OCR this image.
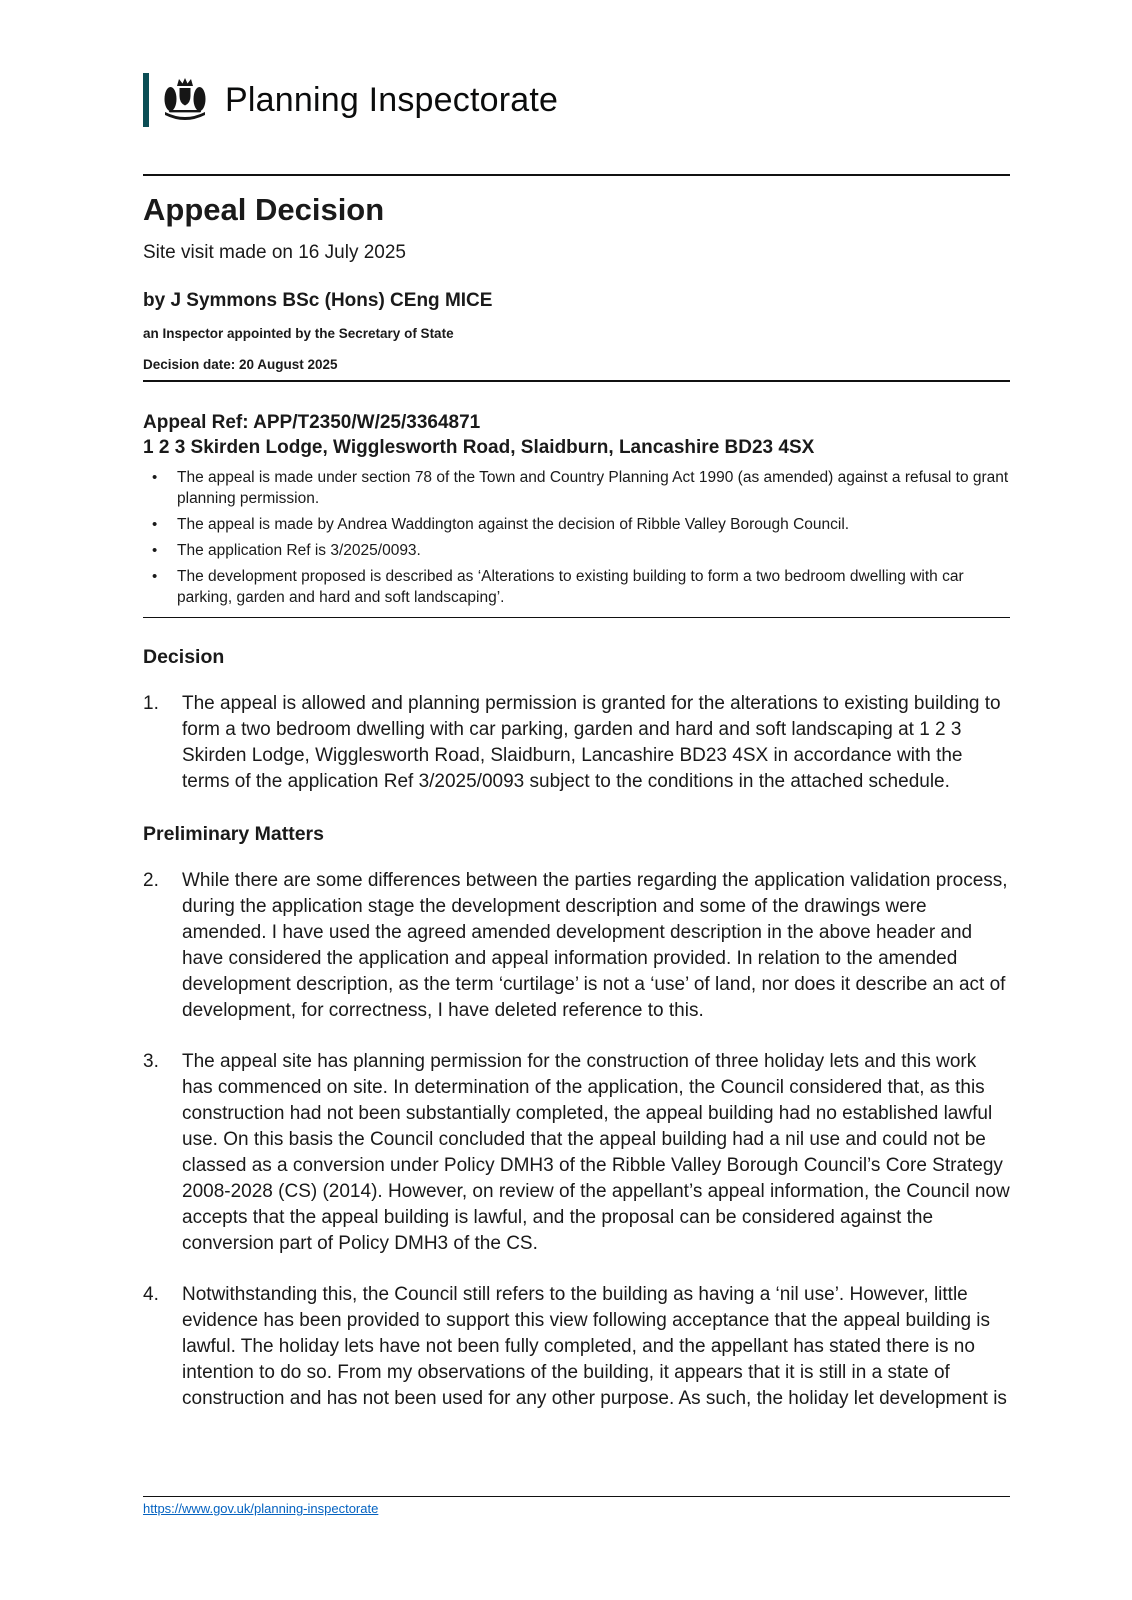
Planning Inspectorate
Appeal Decision
Site visit made on 16 July 2025
by J Symmons BSc (Hons) CEng MICE
an Inspector appointed by the Secretary of State
Decision date: 20 August 2025
Appeal Ref: APP/T2350/W/25/3364871
1 2 3 Skirden Lodge, Wigglesworth Road, Slaidburn, Lancashire BD23 4SX
•
The appeal is made under section 78 of the Town and Country Planning Act 1990 (as amended) against a refusal to grant planning permission.
•
The appeal is made by Andrea Waddington against the decision of Ribble Valley Borough Council.
•
The application Ref is 3/2025/0093.
•
The development proposed is described as ‘Alterations to existing building to form a two bedroom dwelling with car parking, garden and hard and soft landscaping’.
Decision
1.	The appeal is allowed and planning permission is granted for the alterations to existing building to form a two bedroom dwelling with car parking, garden and hard and soft landscaping at 1 2 3 Skirden Lodge, Wigglesworth Road, Slaidburn, Lancashire BD23 4SX in accordance with the terms of the application Ref 3/2025/0093 subject to the conditions in the attached schedule.
Preliminary Matters
2.	While there are some differences between the parties regarding the application validation process, during the application stage the development description and some of the drawings were amended. I have used the agreed amended development description in the above header and have considered the application and appeal information provided. In relation to the amended development description, as the term ‘curtilage’ is not a ‘use’ of land, nor does it describe an act of development, for correctness, I have deleted reference to this.
3.	The appeal site has planning permission for the construction of three holiday lets and this work has commenced on site. In determination of the application, the Council considered that, as this construction had not been substantially completed, the appeal building had no established lawful use. On this basis the Council concluded that the appeal building had a nil use and could not be classed as a conversion under Policy DMH3 of the Ribble Valley Borough Council’s Core Strategy 2008-2028 (CS) (2014). However, on review of the appellant’s appeal information, the Council now accepts that the appeal building is lawful, and the proposal can be considered against the conversion part of Policy DMH3 of the CS.
4.	Notwithstanding this, the Council still refers to the building as having a ‘nil use’. However, little evidence has been provided to support this view following acceptance that the appeal building is lawful. The holiday lets have not been fully completed, and the appellant has stated there is no intention to do so. From my observations of the building, it appears that it is still in a state of construction and has not been used for any other purpose. As such, the holiday let development is
https://www.gov.uk/planning-inspectorate
